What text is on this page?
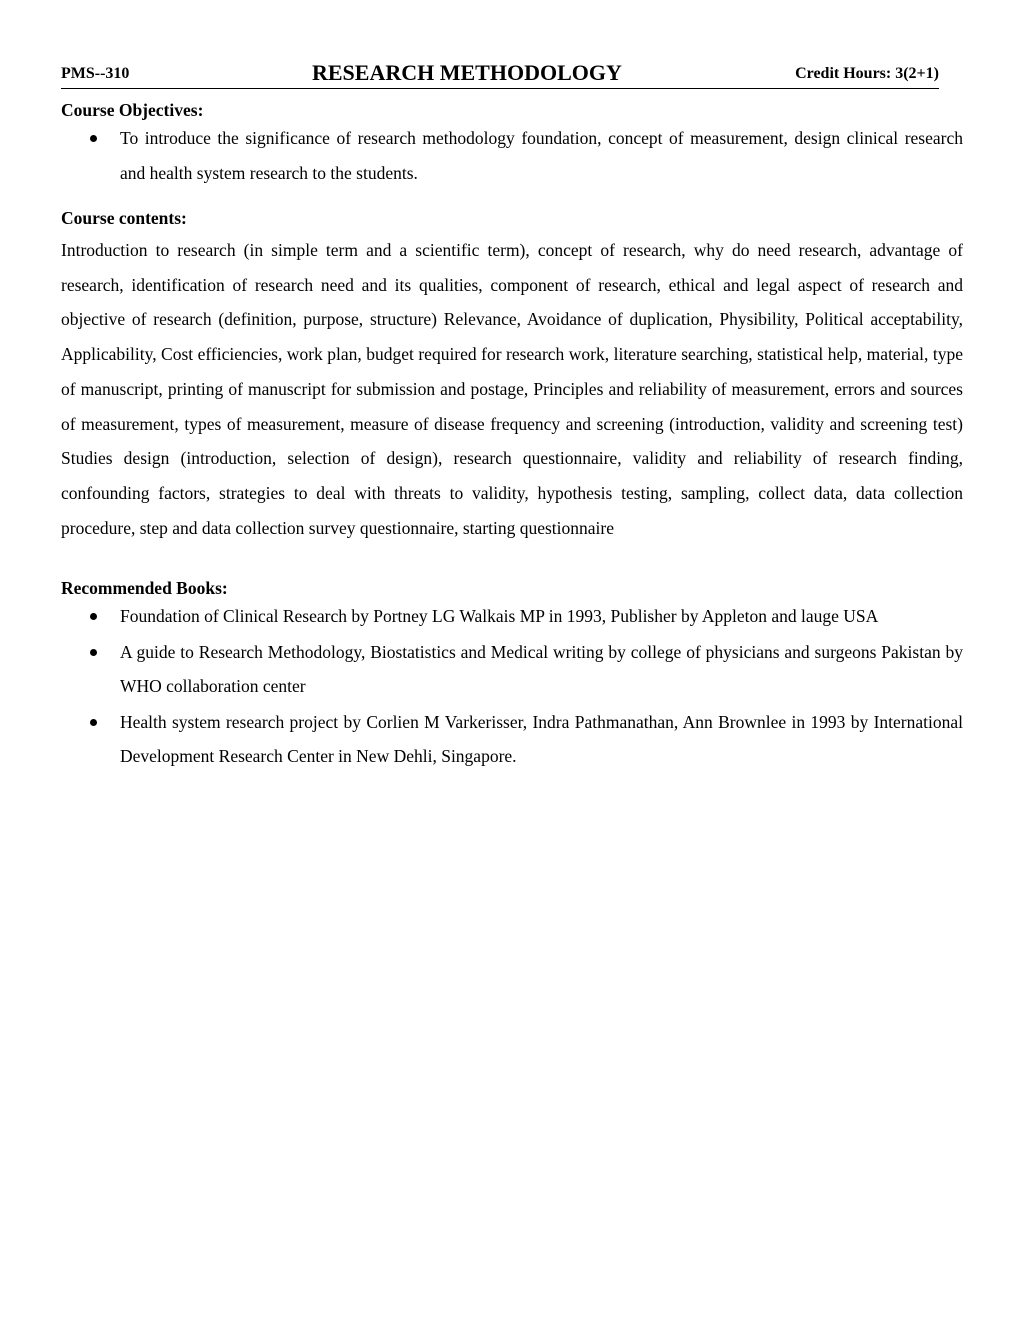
PMS--310	RESEARCH METHODOLOGY	Credit Hours: 3(2+1)
Course Objectives:
To introduce the significance of research methodology foundation, concept of measurement, design clinical research and health system research to the students.
Course contents:

Introduction to research (in simple term and a scientific term), concept of research, why do need research, advantage of research, identification of research need and its qualities, component of research, ethical and legal aspect of research and objective of research (definition, purpose, structure) Relevance, Avoidance of duplication, Physibility, Political acceptability, Applicability, Cost efficiencies, work plan, budget required for research work, literature searching, statistical help, material, type of manuscript, printing of manuscript for submission and postage, Principles and reliability of measurement, errors and sources of measurement, types of measurement, measure of disease frequency and screening (introduction, validity and screening test) Studies design (introduction, selection of design), research questionnaire, validity and reliability of research finding, confounding factors, strategies to deal with threats to validity, hypothesis testing, sampling, collect data, data collection procedure, step and data collection survey questionnaire, starting questionnaire

Recommended Books:
Foundation of Clinical Research by Portney LG Walkais MP in 1993, Publisher by Appleton and lauge USA
A guide to Research Methodology, Biostatistics and Medical writing by college of physicians and surgeons Pakistan by WHO collaboration center
Health system research project by Corlien M Varkerisser, Indra Pathmanathan, Ann Brownlee in 1993 by International Development Research Center in New Dehli, Singapore.
